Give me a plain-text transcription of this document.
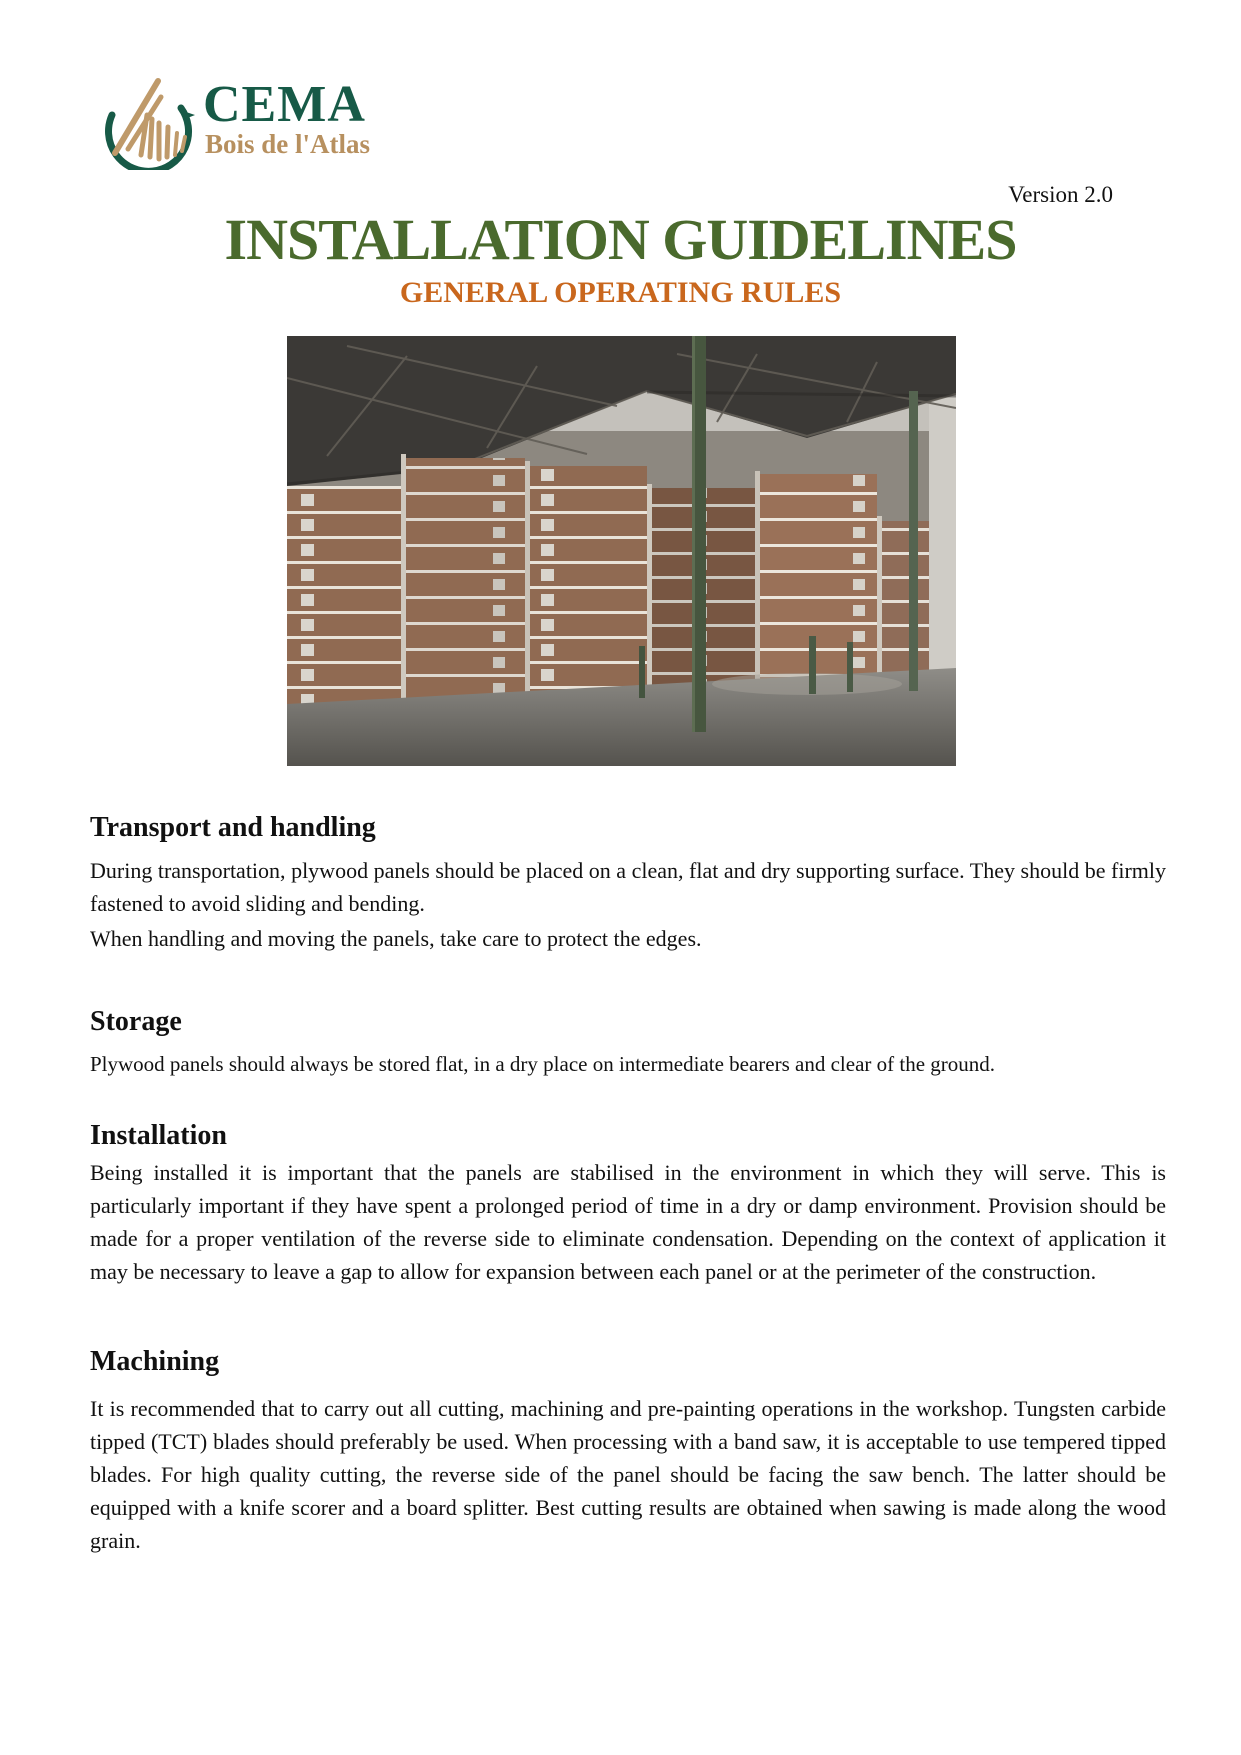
CEMA
Bois de l'Atlas
Version 2.0
INSTALLATION GUIDELINES
GENERAL OPERATING RULES
Transport and handling

During transportation, plywood panels should be placed on a clean, flat and dry supporting surface. They should be firmly fastened to avoid sliding and bending.

When handling and moving the panels, take care to protect the edges.

Storage

Plywood panels should always be stored flat, in a dry place on intermediate bearers and clear of the ground.

Installation

Being installed it is important that the panels are stabilised in the environment in which they will serve. This is particularly important if they have spent a prolonged period of time in a dry or damp environment. Provision should be made for a proper ventilation of the reverse side to eliminate condensation. Depending on the context of application it may be necessary to leave a gap to allow for expansion between each panel or at the perimeter of the construction.

Machining

It is recommended that to carry out all cutting, machining and pre-painting operations in the workshop. Tungsten carbide tipped (TCT) blades should preferably be used. When processing with a band saw, it is acceptable to use tempered tipped blades. For high quality cutting, the reverse side of the panel should be facing the saw bench. The latter should be equipped with a knife scorer and a board splitter. Best cutting results are obtained when sawing is made along the wood grain.
